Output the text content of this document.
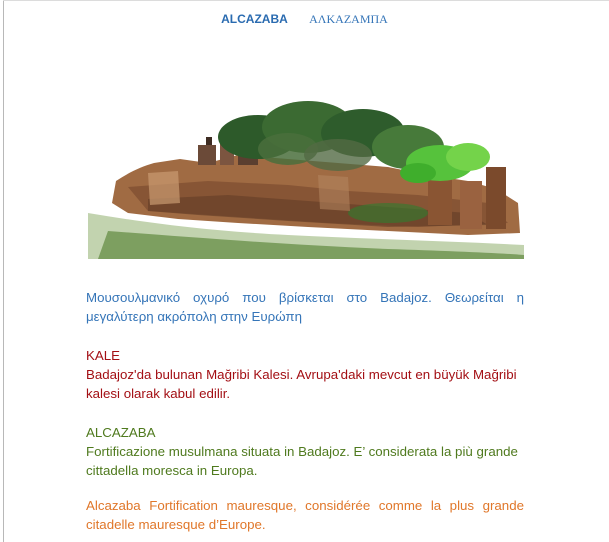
ALCAZABA ΑΛΚΑΖΑΜΠΑ

Μουσουλμανικό οχυρό που βρίσκεται στο Badajoz. Θεωρείται η μεγαλύτερη ακρόπολη στην Ευρώπη

KALE
Badajoz'da bulunan Mağribi Kalesi. Avrupa'daki mevcut en büyük Mağribi kalesi olarak kabul edilir.

ALCAZABA
Fortificazione musulmana situata in Badajoz. E’ considerata la più grande cittadella moresca in Europa.

Alcazaba Fortification mauresque, considérée comme la plus grande citadelle mauresque d’Europe.
